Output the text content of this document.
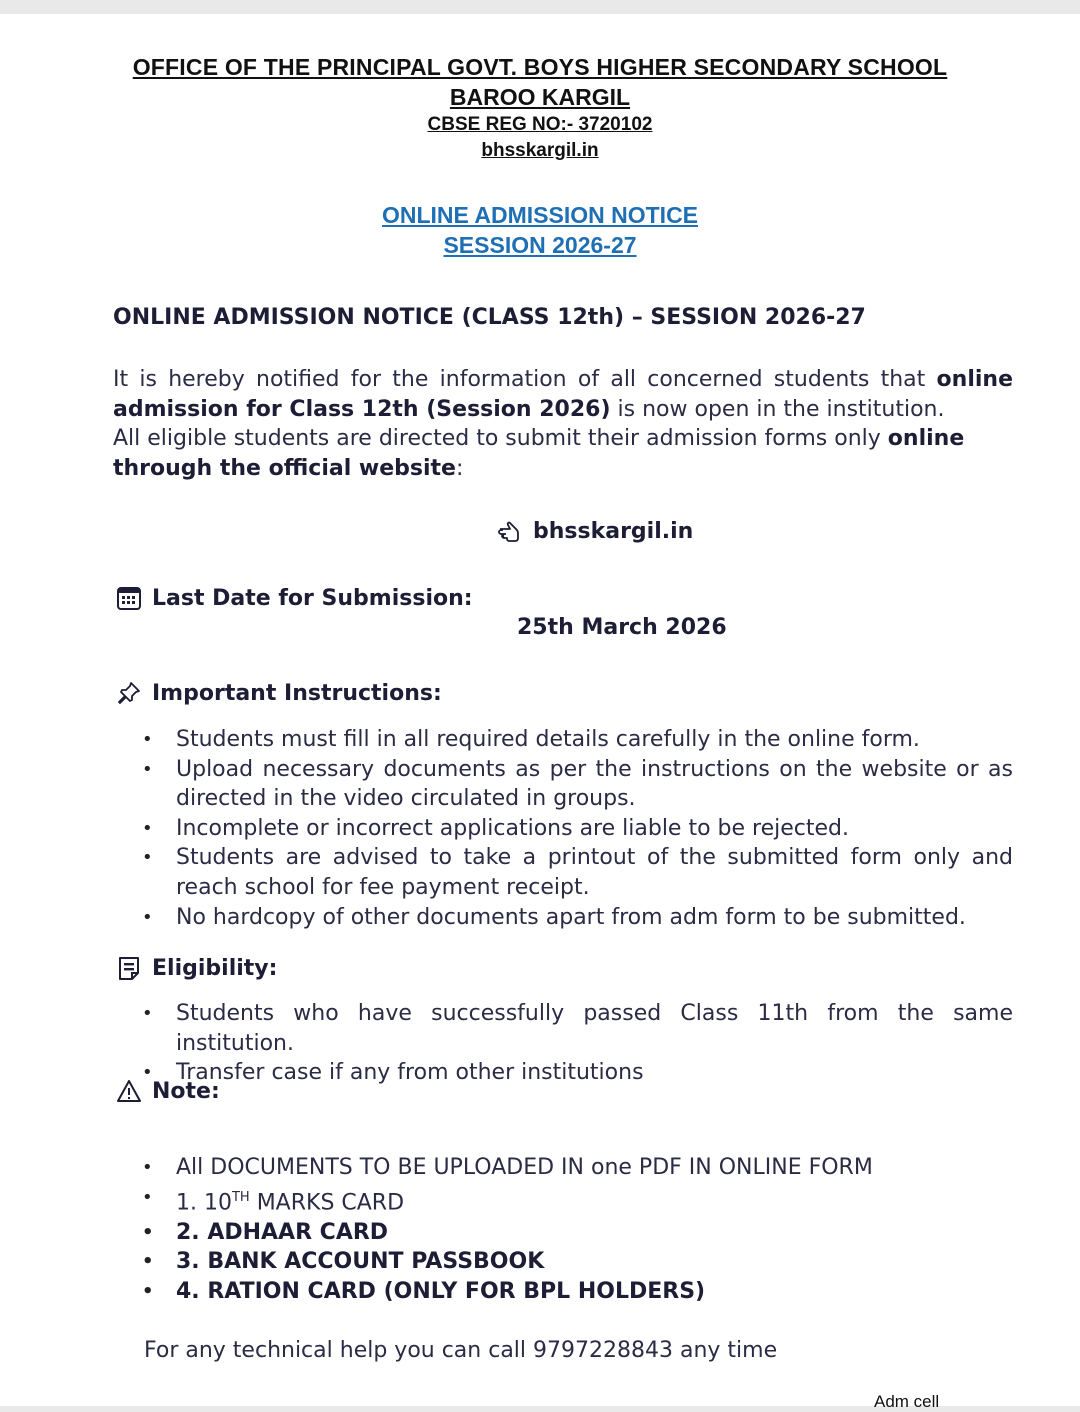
OFFICE OF THE PRINCIPAL GOVT. BOYS HIGHER SECONDARY SCHOOL
BAROO KARGIL
CBSE REG NO:- 3720102
bhsskargil.in
ONLINE ADMISSION NOTICE
SESSION 2026-27
ONLINE ADMISSION NOTICE (CLASS 12th) – SESSION 2026-27
It is hereby notified for the information of all concerned students that online admission for Class 12th (Session 2026) is now open in the institution.
All eligible students are directed to submit their admission forms only online through the official website:
bhsskargil.in
Last Date for Submission:
25th March 2026
Important Instructions:
• Students must fill in all required details carefully in the online form.
• Upload necessary documents as per the instructions on the website or as directed in the video circulated in groups.
• Incomplete or incorrect applications are liable to be rejected.
• Students are advised to take a printout of the submitted form only and reach school for fee payment receipt.
• No hardcopy of other documents apart from adm form to be submitted.
Eligibility:
• Students who have successfully passed Class 11th from the same institution.
• Transfer case if any from other institutions
Note:
• All DOCUMENTS TO BE UPLOADED IN one PDF IN ONLINE FORM
• 1. 10TH MARKS CARD
• 2. ADHAAR CARD
• 3. BANK ACCOUNT PASSBOOK
• 4. RATION CARD (ONLY FOR BPL HOLDERS)
For any technical help you can call 9797228843 any time
Adm cell
